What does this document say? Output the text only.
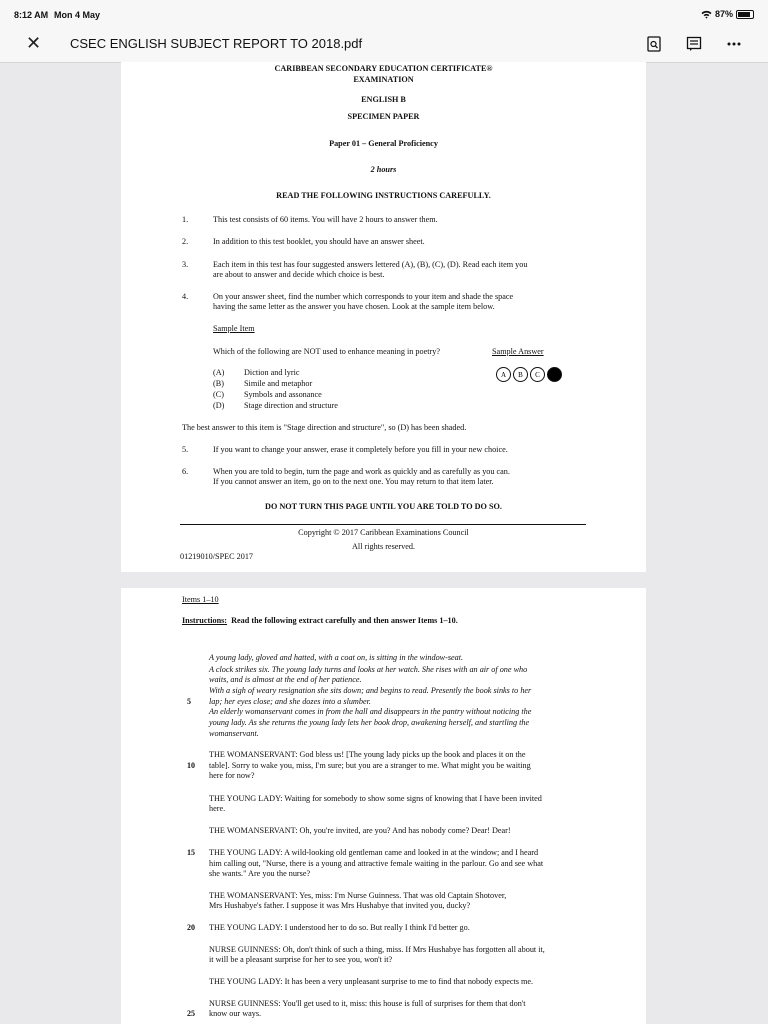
8:12 AM Mon 4 May	87%
✕ CSEC ENGLISH SUBJECT REPORT TO 2018.pdf
CARIBBEAN SECONDARY EDUCATION CERTIFICATE®
EXAMINATION
ENGLISH B
SPECIMEN PAPER
Paper 01 – General Proficiency
2 hours
READ THE FOLLOWING INSTRUCTIONS CAREFULLY.
1.	This test consists of 60 items. You will have 2 hours to answer them.
2.	In addition to this test booklet, you should have an answer sheet.
3.	Each item in this test has four suggested answers lettered (A), (B), (C), (D). Read each item you
are about to answer and decide which choice is best.
4.	On your answer sheet, find the number which corresponds to your item and shade the space
having the same letter as the answer you have chosen. Look at the sample item below.
Sample Item
Which of the following are NOT used to enhance meaning in poetry?	Sample Answer
(A) Diction and lyric
(B) Simile and metaphor
(C) Symbols and assonance
(D) Stage direction and structure
A	B	C
The best answer to this item is "Stage direction and structure", so (D) has been shaded.
5.	If you want to change your answer, erase it completely before you fill in your new choice.
6.	When you are told to begin, turn the page and work as quickly and as carefully as you can.
If you cannot answer an item, go on to the next one. You may return to that item later.
DO NOT TURN THIS PAGE UNTIL YOU ARE TOLD TO DO SO.
Copyright © 2017 Caribbean Examinations Council
All rights reserved.
01219010/SPEC 2017
Items 1–10
Instructions: Read the following extract carefully and then answer Items 1–10.
A young lady, gloved and hatted, with a coat on, is sitting in the window-seat.
A clock strikes six. The young lady turns and looks at her watch. She rises with an air of one who
waits, and is almost at the end of her patience.
With a sigh of weary resignation she sits down; and begins to read. Presently the book sinks to her
5 lap; her eyes close; and she dozes into a slumber.
An elderly womanservant comes in from the hall and disappears in the pantry without noticing the
young lady. As she returns the young lady lets her book drop, awakening herself, and startling the
womanservant.
THE WOMANSERVANT: God bless us! [The young lady picks up the book and places it on the
10 table]. Sorry to wake you, miss, I'm sure; but you are a stranger to me. What might you be waiting
here for now?
THE YOUNG LADY: Waiting for somebody to show some signs of knowing that I have been invited
here.
THE WOMANSERVANT: Oh, you're invited, are you? And has nobody come? Dear! Dear!
15 THE YOUNG LADY: A wild-looking old gentleman came and looked in at the window; and I heard
him calling out, "Nurse, there is a young and attractive female waiting in the parlour. Go and see what
she wants." Are you the nurse?
THE WOMANSERVANT: Yes, miss: I'm Nurse Guinness. That was old Captain Shotover,
Mrs Hushabye's father. I suppose it was Mrs Hushabye that invited you, ducky?
20 THE YOUNG LADY: I understood her to do so. But really I think I'd better go.
NURSE GUINNESS: Oh, don't think of such a thing, miss. If Mrs Hushabye has forgotten all about it,
it will be a pleasant surprise for her to see you, won't it?
THE YOUNG LADY: It has been a very unpleasant surprise to me to find that nobody expects me.
NURSE GUINNESS: You'll get used to it, miss: this house is full of surprises for them that don't
25 know our ways.
